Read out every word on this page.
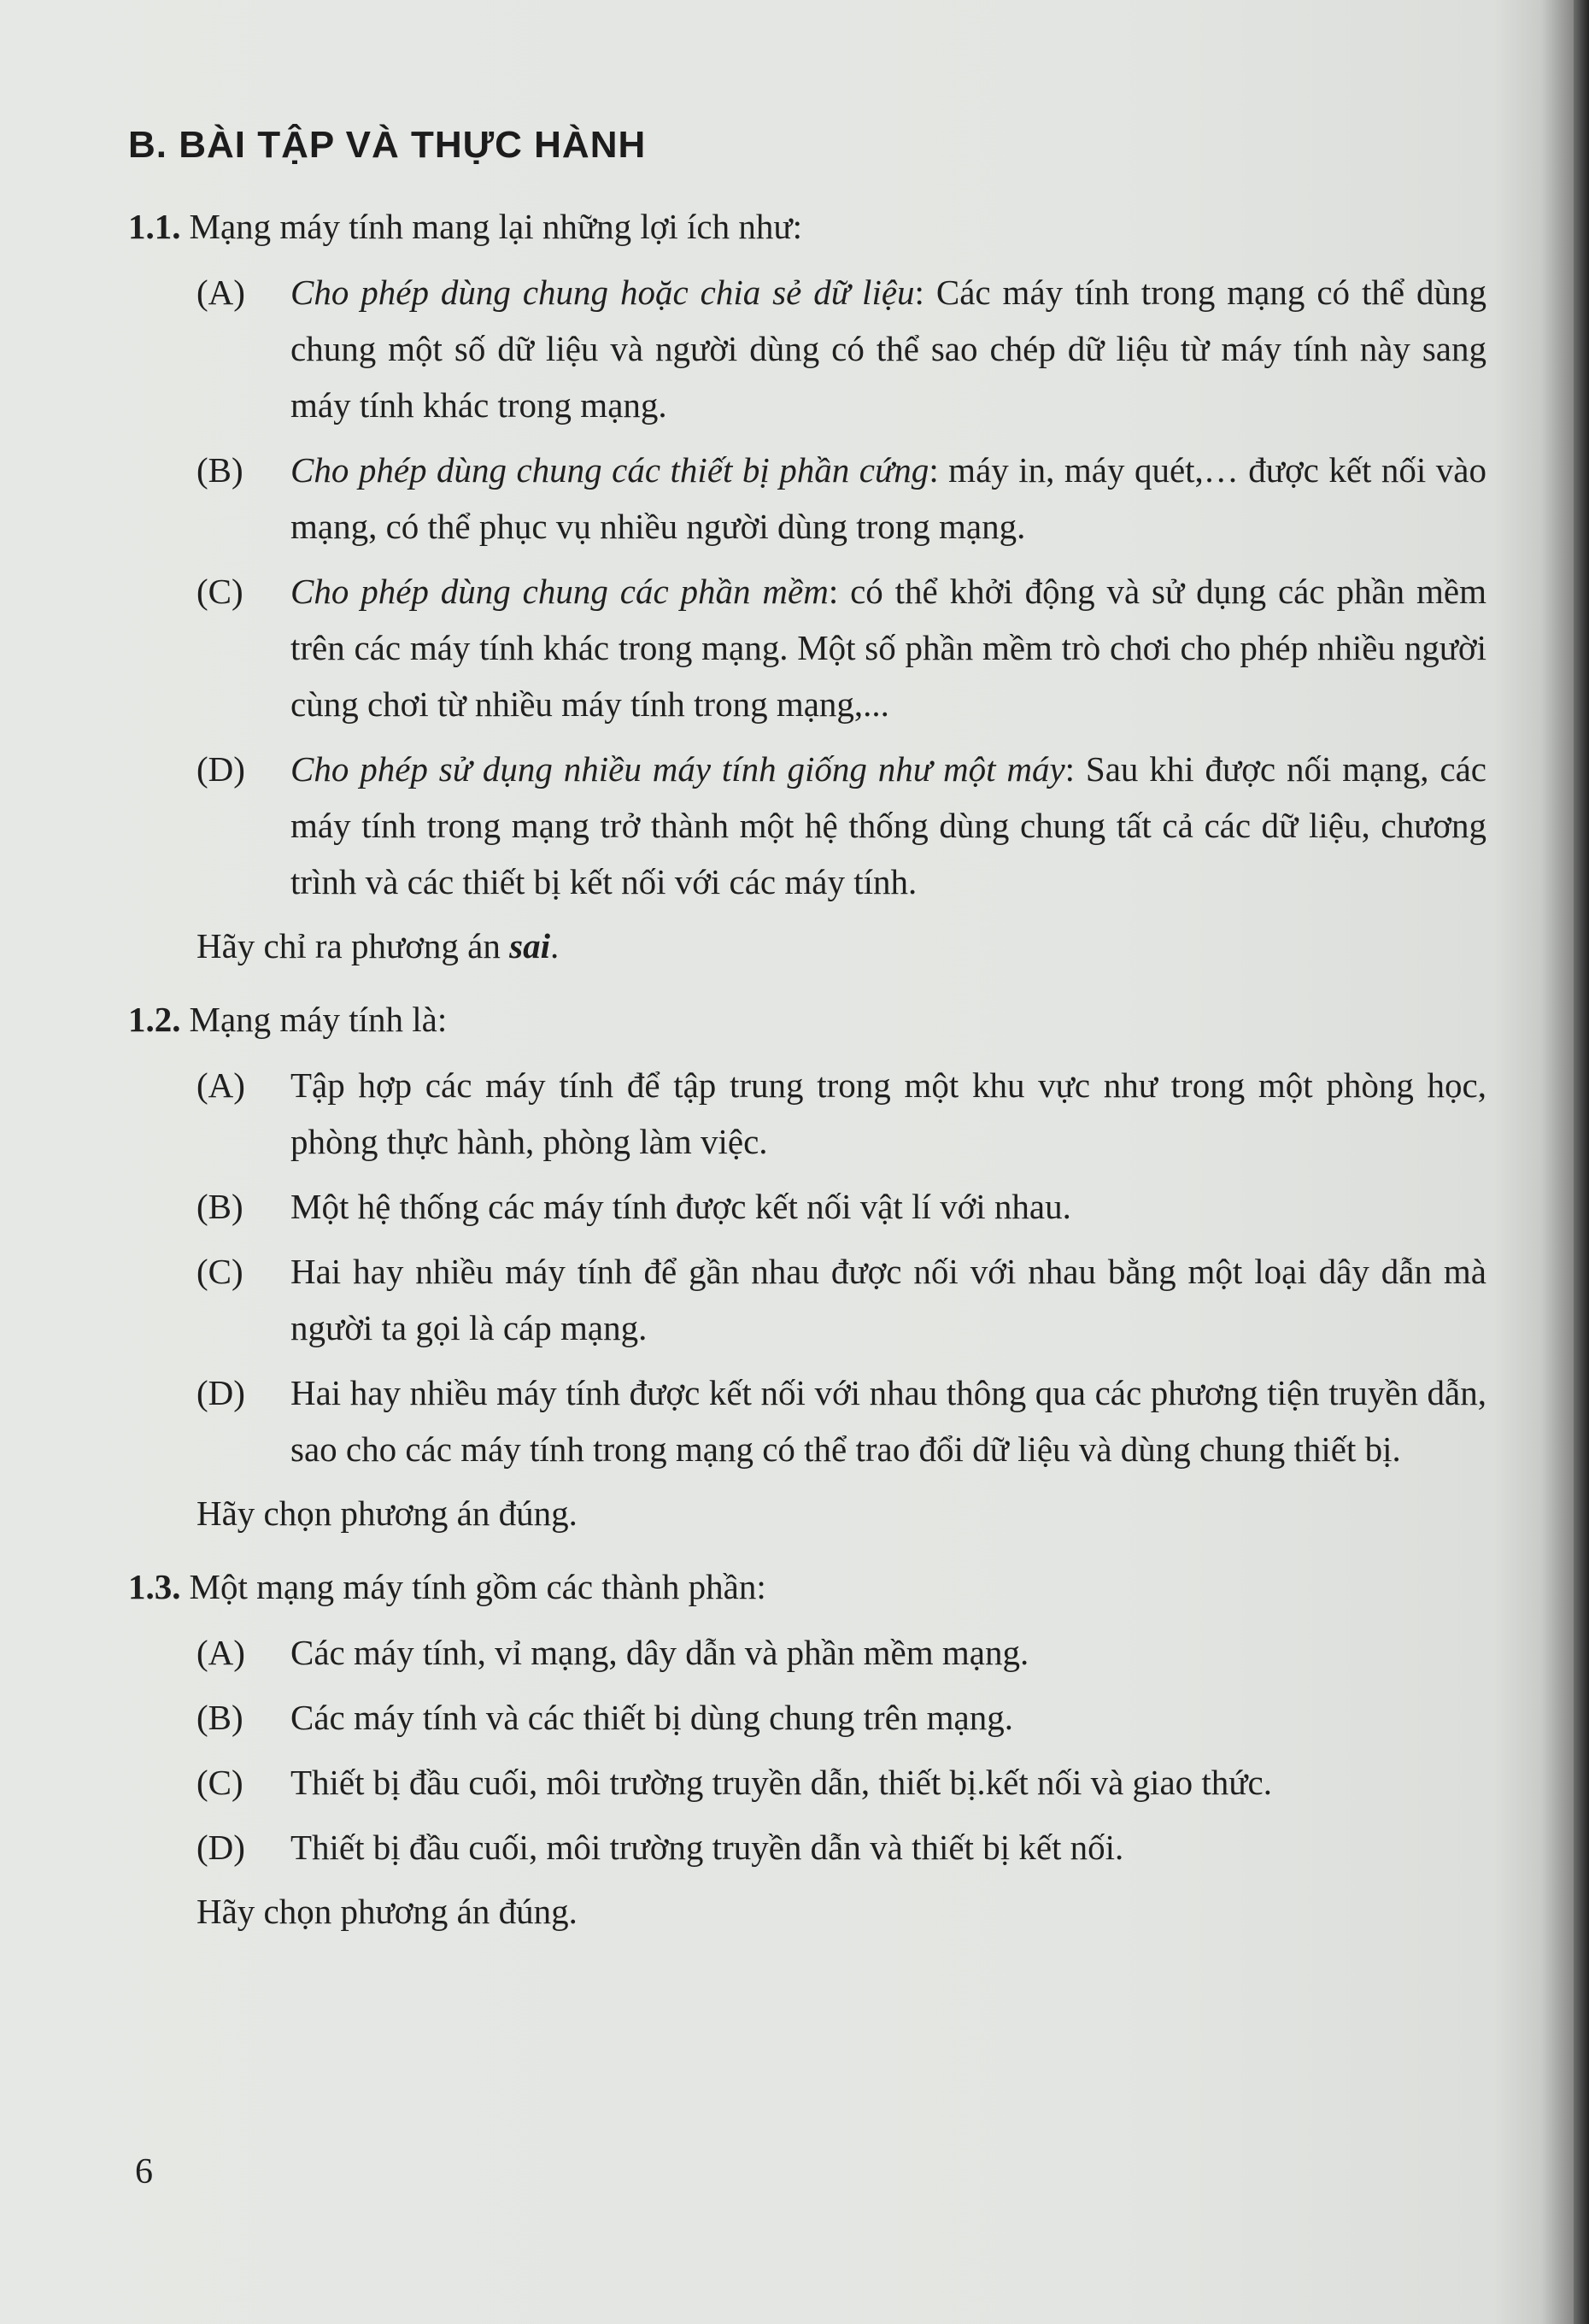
B. BÀI TẬP VÀ THỰC HÀNH
1.1. Mạng máy tính mang lại những lợi ích như:
(A)	Cho phép dùng chung hoặc chia sẻ dữ liệu: Các máy tính trong mạng có thể dùng chung một số dữ liệu và người dùng có thể sao chép dữ liệu từ máy tính này sang máy tính khác trong mạng.
(B)	Cho phép dùng chung các thiết bị phần cứng: máy in, máy quét,… được kết nối vào mạng, có thể phục vụ nhiều người dùng trong mạng.
(C)	Cho phép dùng chung các phần mềm: có thể khởi động và sử dụng các phần mềm trên các máy tính khác trong mạng. Một số phần mềm trò chơi cho phép nhiều người cùng chơi từ nhiều máy tính trong mạng,...
(D)	Cho phép sử dụng nhiều máy tính giống như một máy: Sau khi được nối mạng, các máy tính trong mạng trở thành một hệ thống dùng chung tất cả các dữ liệu, chương trình và các thiết bị kết nối với các máy tính.
Hãy chỉ ra phương án sai.
1.2. Mạng máy tính là:
(A)	Tập hợp các máy tính để tập trung trong một khu vực như trong một phòng học, phòng thực hành, phòng làm việc.
(B)	Một hệ thống các máy tính được kết nối vật lí với nhau.
(C)	Hai hay nhiều máy tính để gần nhau được nối với nhau bằng một loại dây dẫn mà người ta gọi là cáp mạng.
(D)	Hai hay nhiều máy tính được kết nối với nhau thông qua các phương tiện truyền dẫn, sao cho các máy tính trong mạng có thể trao đổi dữ liệu và dùng chung thiết bị.
Hãy chọn phương án đúng.
1.3. Một mạng máy tính gồm các thành phần:
(A)	Các máy tính, vỉ mạng, dây dẫn và phần mềm mạng.
(B)	Các máy tính và các thiết bị dùng chung trên mạng.
(C)	Thiết bị đầu cuối, môi trường truyền dẫn, thiết bị.kết nối và giao thức.
(D)	Thiết bị đầu cuối, môi trường truyền dẫn và thiết bị kết nối.
Hãy chọn phương án đúng.
6
